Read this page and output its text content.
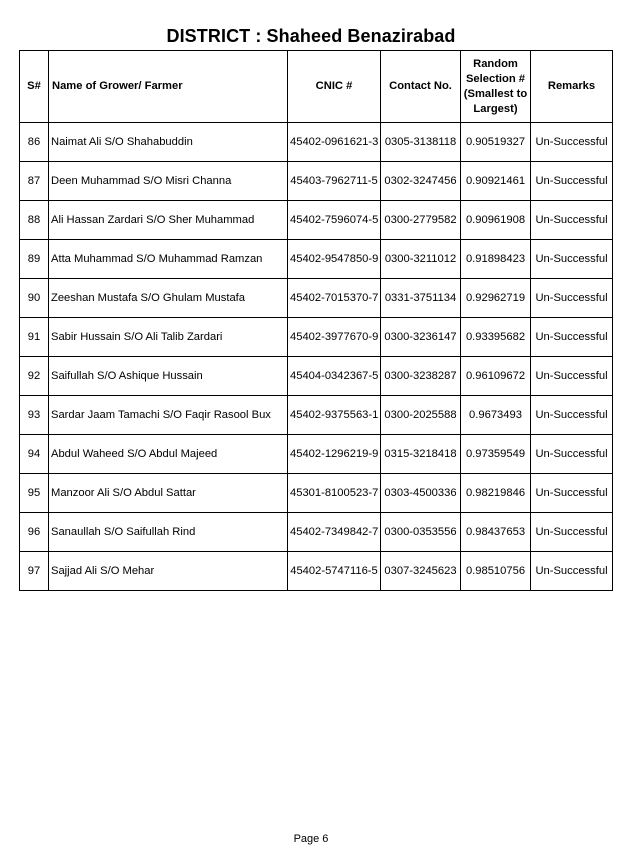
DISTRICT : Shaheed Benazirabad
S#	Name of Grower/ Farmer	CNIC #	Contact No.	Random Selection # (Smallest to Largest)	Remarks
86	Naimat Ali S/O Shahabuddin	45402-0961621-3	0305-3138118	0.90519327	Un-Successful
87	Deen Muhammad S/O Misri Channa	45403-7962711-5	0302-3247456	0.90921461	Un-Successful
88	Ali Hassan Zardari S/O Sher Muhammad	45402-7596074-5	0300-2779582	0.90961908	Un-Successful
89	Atta Muhammad S/O Muhammad Ramzan	45402-9547850-9	0300-3211012	0.91898423	Un-Successful
90	Zeeshan Mustafa S/O Ghulam Mustafa	45402-7015370-7	0331-3751134	0.92962719	Un-Successful
91	Sabir Hussain S/O Ali Talib Zardari	45402-3977670-9	0300-3236147	0.93395682	Un-Successful
92	Saifullah S/O Ashique Hussain	45404-0342367-5	0300-3238287	0.96109672	Un-Successful
93	Sardar Jaam Tamachi S/O Faqir Rasool Bux	45402-9375563-1	0300-2025588	0.9673493	Un-Successful
94	Abdul Waheed S/O Abdul Majeed	45402-1296219-9	0315-3218418	0.97359549	Un-Successful
95	Manzoor Ali S/O Abdul Sattar	45301-8100523-7	0303-4500336	0.98219846	Un-Successful
96	Sanaullah S/O Saifullah Rind	45402-7349842-7	0300-0353556	0.98437653	Un-Successful
97	Sajjad Ali S/O Mehar	45402-5747116-5	0307-3245623	0.98510756	Un-Successful
Page 6
